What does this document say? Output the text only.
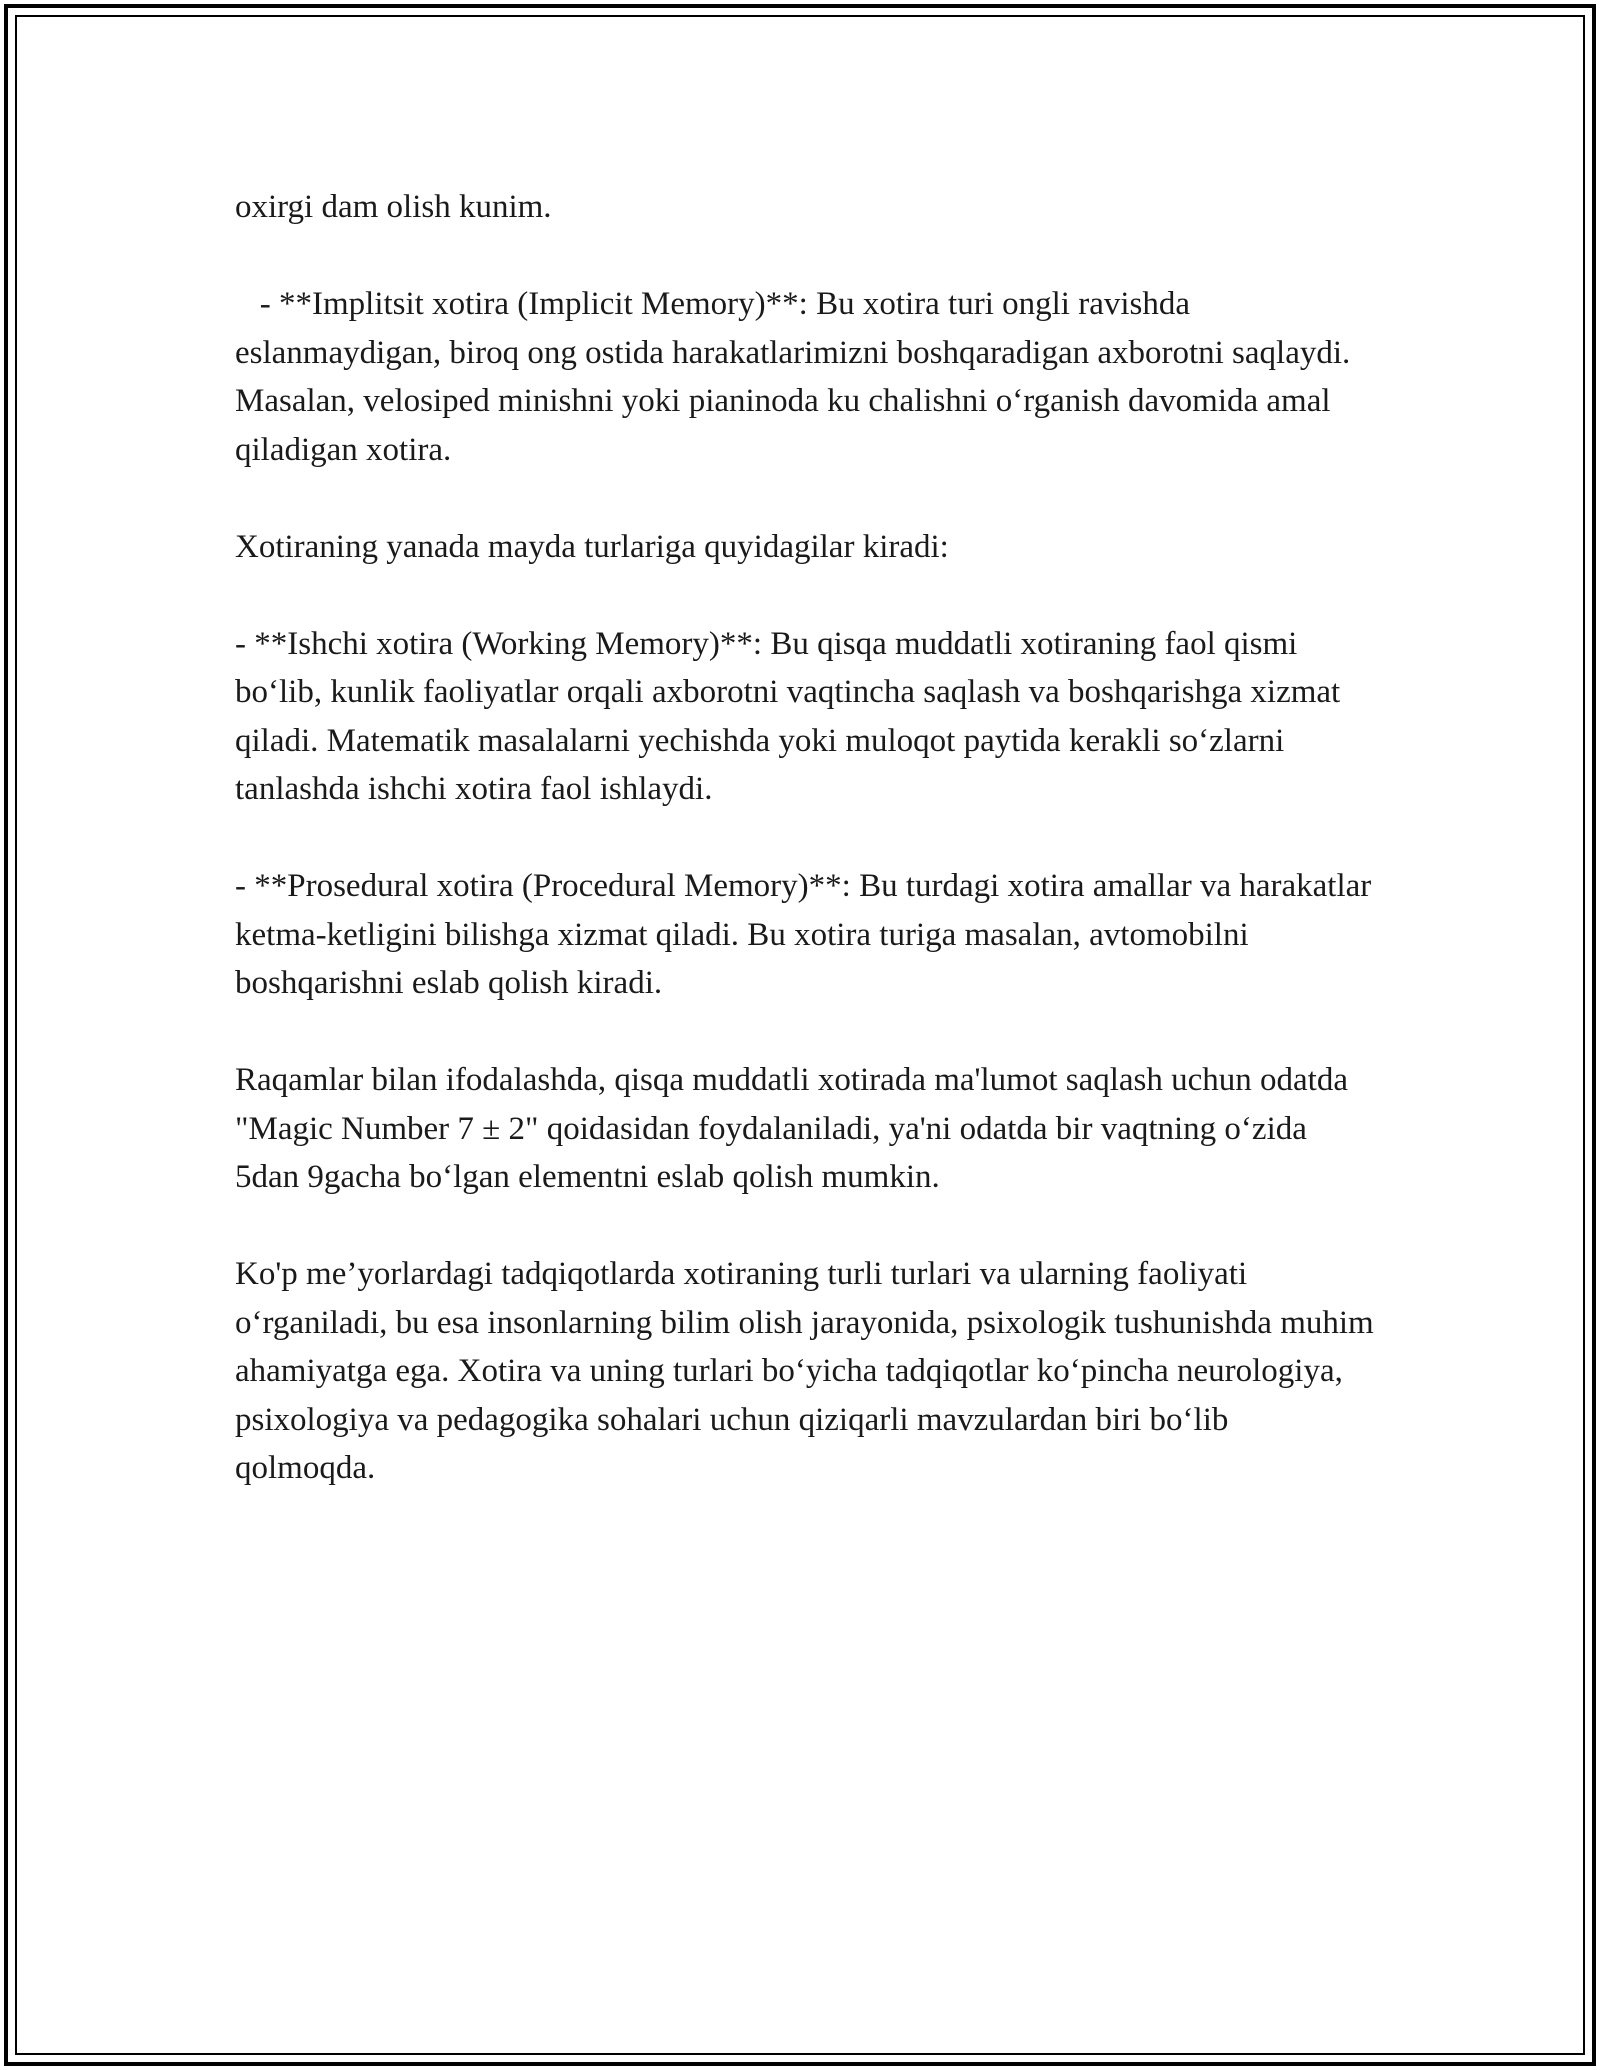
oxirgi dam olish kunim.

- **Implitsit xotira (Implicit Memory)**: Bu xotira turi ongli ravishda eslanmaydigan, biroq ong ostida harakatlarimizni boshqaradigan axborotni saqlaydi. Masalan, velosiped minishni yoki pianinoda ku chalishni o‘rganish davomida amal qiladigan xotira.

Xotiraning yanada mayda turlariga quyidagilar kiradi:

- **Ishchi xotira (Working Memory)**: Bu qisqa muddatli xotiraning faol qismi bo‘lib, kunlik faoliyatlar orqali axborotni vaqtincha saqlash va boshqarishga xizmat qiladi. Matematik masalalarni yechishda yoki muloqot paytida kerakli so‘zlarni tanlashda ishchi xotira faol ishlaydi.

- **Prosedural xotira (Procedural Memory)**: Bu turdagi xotira amallar va harakatlar ketma-ketligini bilishga xizmat qiladi. Bu xotira turiga masalan, avtomobilni boshqarishni eslab qolish kiradi.

Raqamlar bilan ifodalashda, qisqa muddatli xotirada ma'lumot saqlash uchun odatda "Magic Number 7 ± 2" qoidasidan foydalaniladi, ya'ni odatda bir vaqtning o‘zida 5dan 9gacha bo‘lgan elementni eslab qolish mumkin.

Ko'p me’yorlardagi tadqiqotlarda xotiraning turli turlari va ularning faoliyati o‘rganiladi, bu esa insonlarning bilim olish jarayonida, psixologik tushunishda muhim ahamiyatga ega. Xotira va uning turlari bo‘yicha tadqiqotlar ko‘pincha neurologiya, psixologiya va pedagogika sohalari uchun qiziqarli mavzulardan biri bo‘lib qolmoqda.
